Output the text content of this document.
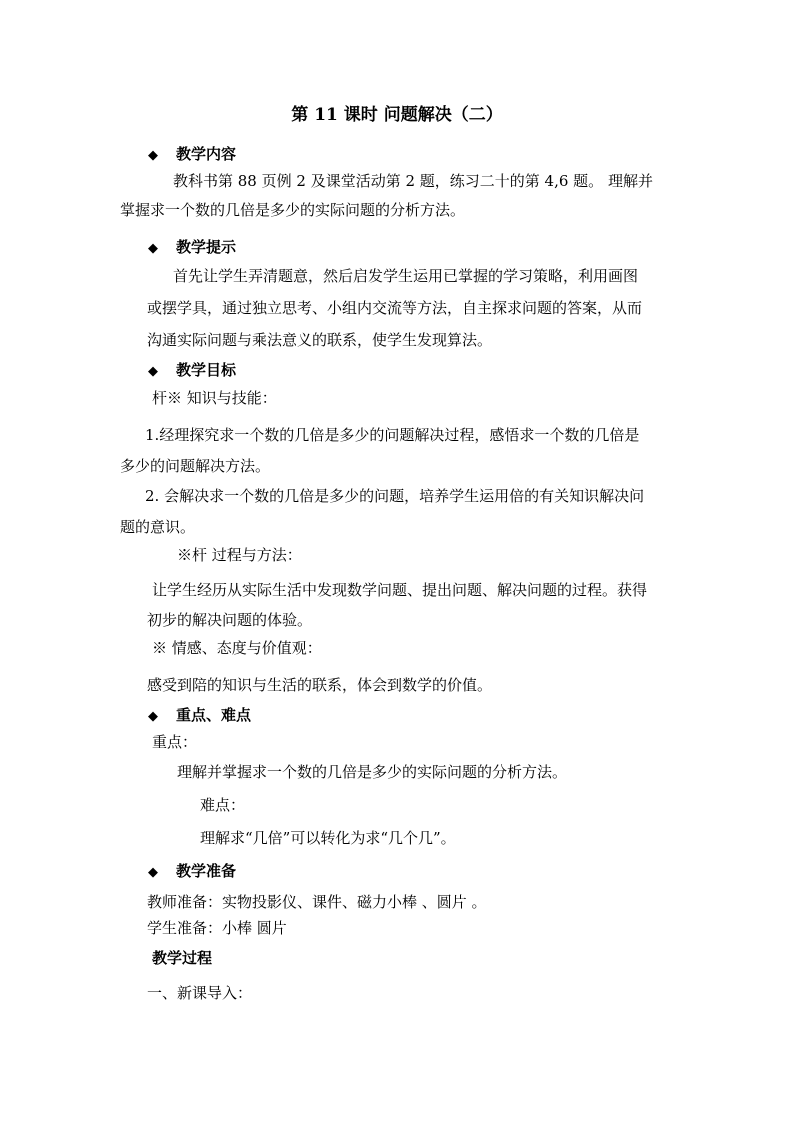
第 11 课时 问题解决（二）
◆ 教学内容
教科书第 88 页例 2 及课堂活动第 2 题，练习二十的第 4,6 题。 理解并
掌握求一个数的几倍是多少的实际问题的分析方法。
◆ 教学提示
首先让学生弄清题意，然后启发学生运用已掌握的学习策略，利用画图
或摆学具，通过独立思考、小组内交流等方法，自主探求问题的答案，从而
沟通实际问题与乘法意义的联系，使学生发现算法。
◆ 教学目标
杆※ 知识与技能：
1.经理探究求一个数的几倍是多少的问题解决过程，感悟求一个数的几倍是
多少的问题解决方法。
2. 会解决求一个数的几倍是多少的问题，培养学生运用倍的有关知识解决问
题的意识。
※杆 过程与方法：
让学生经历从实际生活中发现数学问题、提出问题、解决问题的过程。获得
初步的解决问题的体验。
※ 情感、态度与价值观：
感受到陪的知识与生活的联系，体会到数学的价值。
◆ 重点、难点
重点：
理解并掌握求一个数的几倍是多少的实际问题的分析方法。
难点：
理解求“几倍”可以转化为求“几个几”。
◆ 教学准备
教师准备：实物投影仪、课件、磁力小棒 、圆片 。
学生准备：小棒 圆片
教学过程
一、新课导入：
